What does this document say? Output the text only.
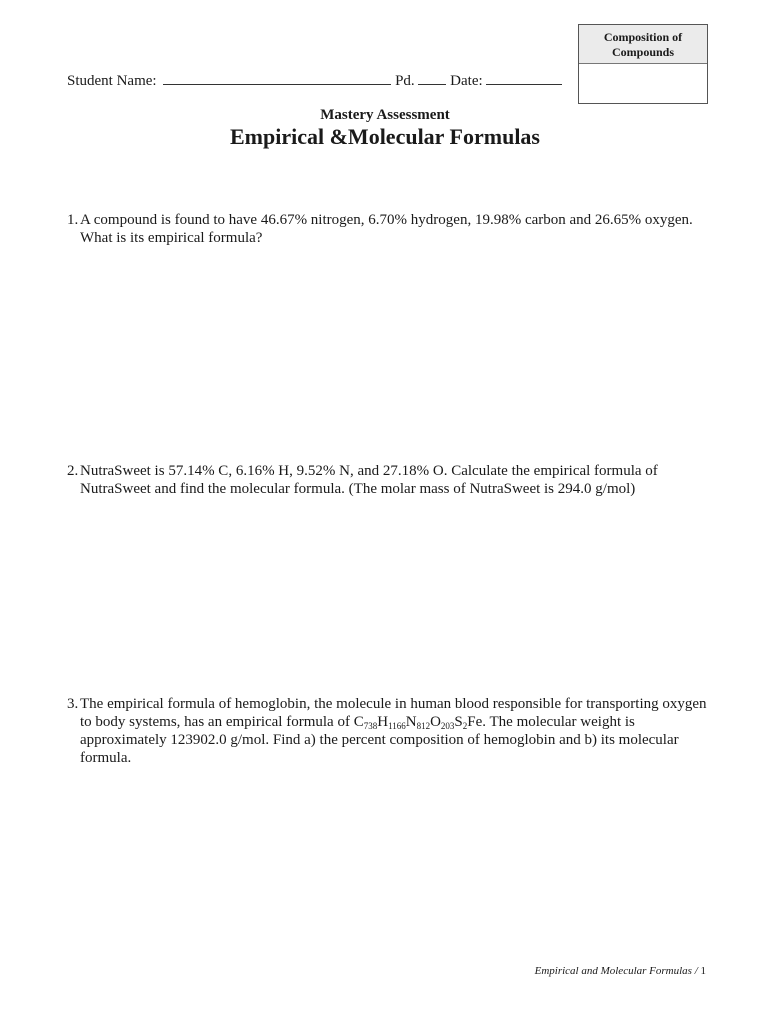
Composition of
Compounds
Student Name:	Pd. Date:
Mastery Assessment
Empirical &Molecular Formulas
1. A compound is found to have 46.67% nitrogen, 6.70% hydrogen, 19.98% carbon and 26.65% oxygen. What is its empirical formula?
2. NutraSweet is 57.14% C, 6.16% H, 9.52% N, and 27.18% O. Calculate the empirical formula of NutraSweet and find the molecular formula. (The molar mass of NutraSweet is 294.0 g/mol)
3. The empirical formula of hemoglobin, the molecule in human blood responsible for transporting oxygen to body systems, has an empirical formula of $C_{738}H_{1166}N_{812}O_{203}S_2Fe$. The molecular weight is approximately 123902.0 g/mol. Find a) the percent composition of hemoglobin and b) its molecular formula.
Empirical and Molecular Formulas / 1
